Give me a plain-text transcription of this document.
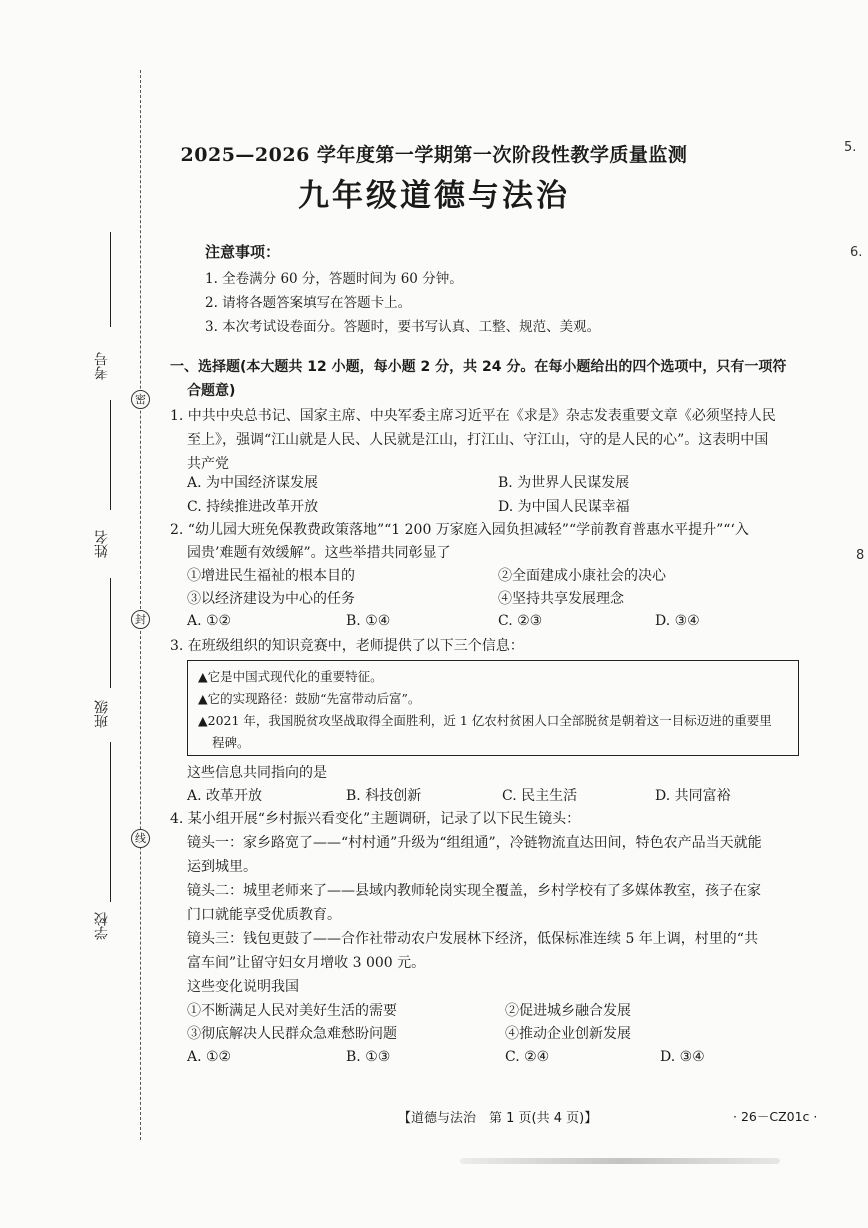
密
封
线
考号
姓名
班级
学校
2025—2026 学年度第一学期第一次阶段性教学质量监测
九年级道德与法治
注意事项：
1. 全卷满分 60 分，答题时间为 60 分钟。
2. 请将各题答案填写在答题卡上。
3. 本次考试设卷面分。答题时，要书写认真、工整、规范、美观。
一、选择题(本大题共 12 小题，每小题 2 分，共 24 分。在每小题给出的四个选项中，只有一项符
合题意)
1. 中共中央总书记、国家主席、中央军委主席习近平在《求是》杂志发表重要文章《必须坚持人民
至上》，强调“江山就是人民、人民就是江山，打江山、守江山，守的是人民的心”。这表明中国
共产党
A. 为中国经济谋发展	B. 为世界人民谋发展
C. 持续推进改革开放	D. 为中国人民谋幸福
2. “幼儿园大班免保教费政策落地”“1 200 万家庭入园负担减轻”“学前教育普惠水平提升”“‘入
园贵’难题有效缓解”。这些举措共同彰显了
①增进民生福祉的根本目的	②全面建成小康社会的决心
③以经济建设为中心的任务	④坚持共享发展理念
A. ①②	B. ①④	C. ②③	D. ③④
3. 在班级组织的知识竞赛中，老师提供了以下三个信息：
▲它是中国式现代化的重要特征。
▲它的实现路径：鼓励“先富带动后富”。
▲2021 年，我国脱贫攻坚战取得全面胜利，近 1 亿农村贫困人口全部脱贫是朝着这一目标迈进的重要里
程碑。
这些信息共同指向的是
A. 改革开放	B. 科技创新	C. 民主生活	D. 共同富裕
4. 某小组开展“乡村振兴看变化”主题调研，记录了以下民生镜头：
镜头一：家乡路宽了——“村村通”升级为“组组通”，冷链物流直达田间，特色农产品当天就能
运到城里。
镜头二：城里老师来了——县域内教师轮岗实现全覆盖，乡村学校有了多媒体教室，孩子在家
门口就能享受优质教育。
镜头三：钱包更鼓了——合作社带动农户发展林下经济，低保标准连续 5 年上调，村里的“共
富车间”让留守妇女月增收 3 000 元。
这些变化说明我国
①不断满足人民对美好生活的需要	②促进城乡融合发展
③彻底解决人民群众急难愁盼问题	④推动企业创新发展
A. ①②	B. ①③	C. ②④	D. ③④
【道德与法治　第 1 页(共 4 页)】	· 26－CZ01c ·
5.
6.
8
